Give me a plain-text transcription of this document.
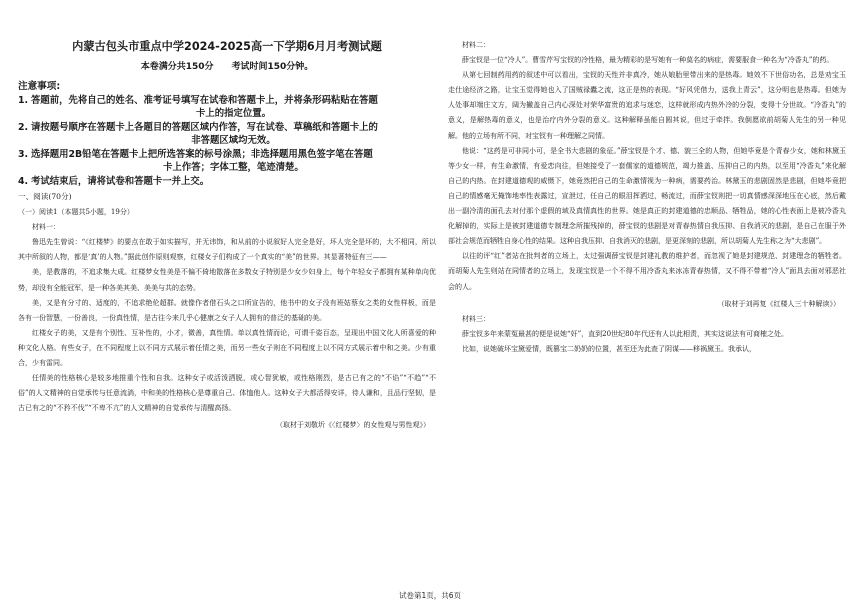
内蒙古包头市重点中学2024-2025高一下学期6月月考测试题
本卷满分共150分　　考试时间150分钟。
注意事项:
1. 答题前，先将自己的姓名、准考证号填写在试卷和答题卡上，并将条形码粘贴在答题
卡上的指定位置。
2. 请按题号顺序在答题卡上各题目的答题区域内作答，写在试卷、草稿纸和答题卡上的
非答题区域均无效。
3. 选择题用2B铅笔在答题卡上把所选答案的标号涂黑；非选择题用黑色签字笔在答题
卡上作答；字体工整，笔迹清楚。
4. 考试结束后，请将试卷和答题卡一并上交。
一、阅读(70分)
（一）阅读1（本题共5小题，19分）
材料一：

鲁迅先生曾说：“《红楼梦》的要点在敢于如实描写，并无讳饰，和从前的小说叙好人完全是好，坏人完全是坏的，大不相同，所以其中所叙的人物，都是‘真’的人物。”据此创作原则观察，红楼女子们构成了一个真实的“美”的世界。其显著特征有三——

美，是教落的，不追求集大成。红楼梦女性美是不偏不倚地散落在多数女子特别是少女少妇身上，每个年轻女子都拥有某种单向优势，却没有全能冠军，是一种各美其美、美美与共的态势。

美，又是有分寸的、适度的，不追求绝伦超群。就像作者借石头之口所宣告的，他书中的女子没有班姑蔡女之类的女性样板，而是各有一份智慧，一份善良，一份真性情，是古往今来几乎心健康之女子人人拥有的普泛的基础的美。

红楼女子的美，又是有个别性、互补性的，小才，微善，真性情。单以真性情而论，可谓千姿百态，呈现出中国文化人所喜爱的种种文化人格。有些女子，在不同程度上以不同方式展示着任情之美，而另一些女子则在不同程度上以不同方式展示着中和之美。少有重合，少有雷同。

任情美的性格核心是较多地推重个性和自我。这种女子或活泼洒脱，或心智犹敏，或性格刚烈，是古已有之的“不谄”“不趋”“不俗”的人文精神的自觉承传与任意流淌，中和美的性格核心是尊重自己、体恤他人。这种女子大都活得安详，待人谦和，且品行坚韧，是古已有之的“不矜不伐”“不卑不亢”的人文精神的自觉承传与清醒高扬。

（取材于刘敬圻《〈红楼梦〉的女性观与男性观》）
材料二：

薛宝钗是一位“冷人”。曹雪芹写宝钗的冷性格，最为精彩的是写她有一种莫名的病症，需要服食一种名为“冷香丸”的药。

从第七回制药用药的叙述中可以看出，宝钗的天性并非真冷，她从娘胎里带出来的是热毒。她效不下世俗功名，总是劝宝玉走仕途经济之路，让宝玉觉得她也入了国贼禄蠹之流，这正是热的表现。“好风凭借力，送我上青云”，这分明也是热毒。但她为人处事却端庄文方，阔为撇盖自己内心深处对荣华富贵的追求与迷恋，这样就形成内热外冷的分裂，变得十分世故。“冷香丸”的意义，是解热毒的意义，也是治疗内外分裂的意义。这种解释虽能自圆其说，但过于牵拌。我倒愿欲前胡菊人先生的另一种见解。他的立场有所不同，对宝钗有一种理解之同情。

他说：“这药是可非同小可，是全书大悲剧的象征。”薛宝钗是个才、德、貌三全的人物，但她毕竟是个青春少女，她和林黛玉等少女一样，有生命激情，有爱恋向往，但她接受了一套儒家的道德规范，竭力推盖、压抑自己的内热，以至用“冷香丸”来化解自己的内热。在封建道德观的威慑下，她竟然把自己的生命激情视为一种病，需要药治。林黛玉的悲剧固然是悲剧，但她毕竟把自己的情感毫无掩饰地率性表露过，宣泄过，任自己的眼泪挥洒过，畅流过，而薛宝钗则把一切真情感深深地压在心底，然后戴出一副冷清的面孔去对付那个虚假的域及真情真性的世界。她是真正的封建道德的忠顺品、牺牲品，她的心性表面上是被冷香丸化解掉的，实际上是被封建道德专制理念所摧残掉的，薛宝钗的悲剧是对青春热情自我压抑、自我消灭的悲剧，是自己在服于外部社会规范而牺牲自身心性的结果。这种自我压抑、自我消灭的悲剧，是更深刻的悲剧，所以胡菊人先生称之为“大悲剧”。

以往的评“红”者站在批判者的立场上，太过强调薛宝钗是封建礼教的维护者，而忽视了她是封建规范、封建理念的牺牲者。而胡菊人先生则站在同情者的立场上，发现宝钗是一个不得不用冷香丸来冰冻青春热情，又不得不带着“冷人”面具去面对邪恶社会的人。

（取材于刘再复《红楼人三十种解读》）
材料三：

薛宝钗多年来蒙冤最甚的便是说她“奸”，直到20世纪80年代还有人以此相责，其实这说法有可商榷之处。

比如，说她破坏宝黛爱情，既篡宝二奶奶的位置，甚至还为此查了阴谋——移祸黛玉。我承认，

试卷第1页，共6页
